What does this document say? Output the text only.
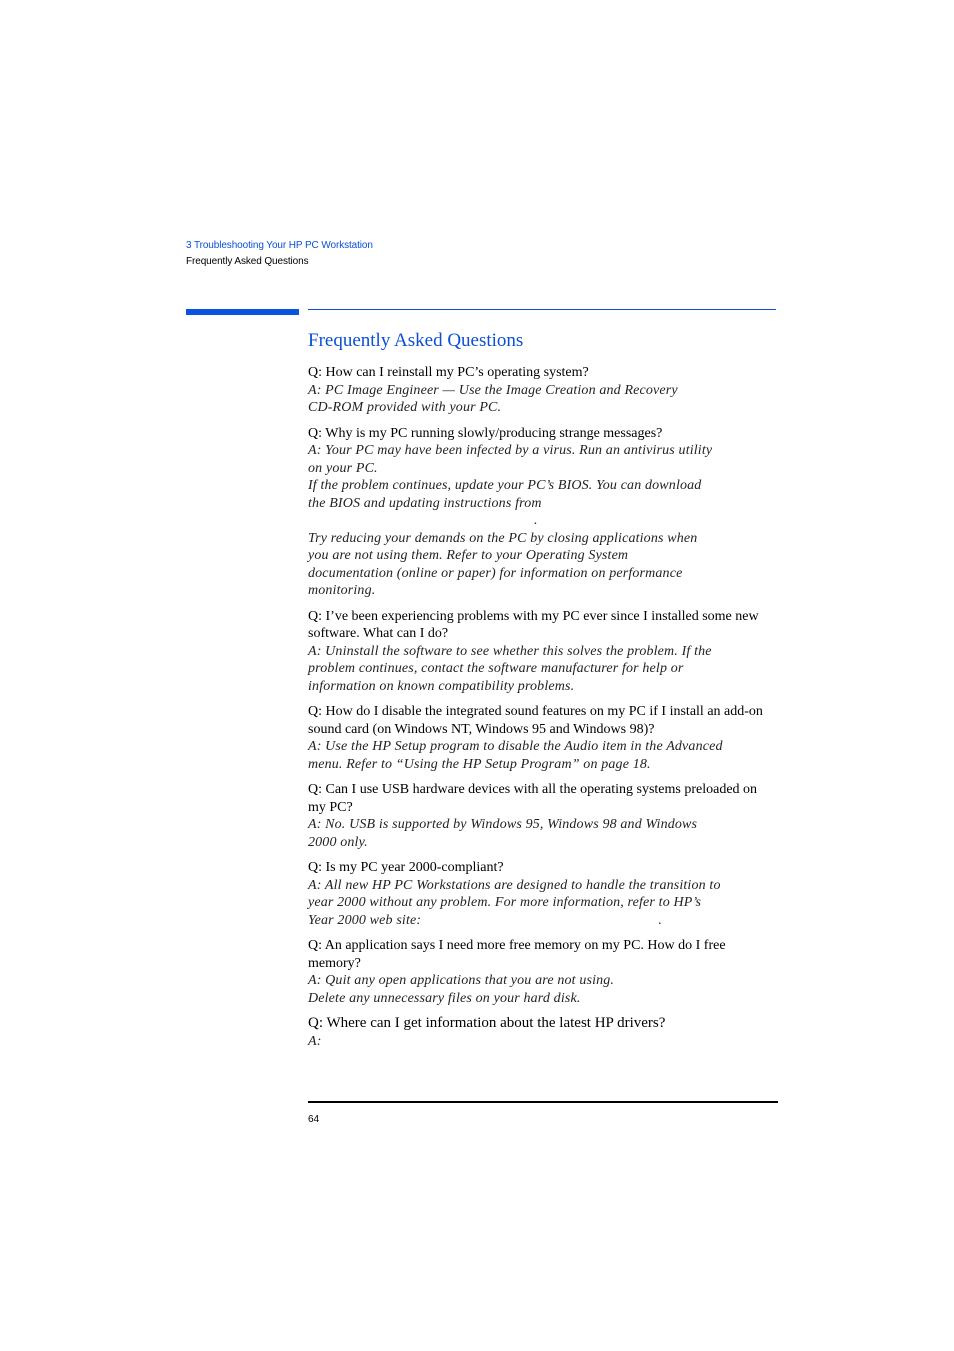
3 Troubleshooting Your HP PC Workstation
Frequently Asked Questions
Frequently Asked Questions
Q: How can I reinstall my PC’s operating system?
A: PC Image Engineer — Use the Image Creation and Recovery
CD-ROM provided with your PC.
Q: Why is my PC running slowly/producing strange messages?
A: Your PC may have been infected by a virus. Run an antivirus utility
on your PC.
If the problem continues, update your PC’s BIOS. You can download
the BIOS and updating instructions from
.
Try reducing your demands on the PC by closing applications when
you are not using them. Refer to your Operating System
documentation (online or paper) for information on performance
monitoring.
Q: I’ve been experiencing problems with my PC ever since I installed some new software. What can I do?
A: Uninstall the software to see whether this solves the problem. If the
problem continues, contact the software manufacturer for help or
information on known compatibility problems.
Q: How do I disable the integrated sound features on my PC if I install an add-on sound card (on Windows NT, Windows 95 and Windows 98)?
A: Use the HP Setup program to disable the Audio item in the Advanced
menu. Refer to “Using the HP Setup Program” on page 18.
Q: Can I use USB hardware devices with all the operating systems preloaded on my PC?
A: No. USB is supported by Windows 95, Windows 98 and Windows
2000 only.
Q: Is my PC year 2000-compliant?
A: All new HP PC Workstations are designed to handle the transition to
year 2000 without any problem. For more information, refer to HP’s
Year 2000 web site:                                                                 .
Q: An application says I need more free memory on my PC. How do I free memory?
A: Quit any open applications that you are not using.
Delete any unnecessary files on your hard disk.
Q: Where can I get information about the latest HP drivers?
A:
64
